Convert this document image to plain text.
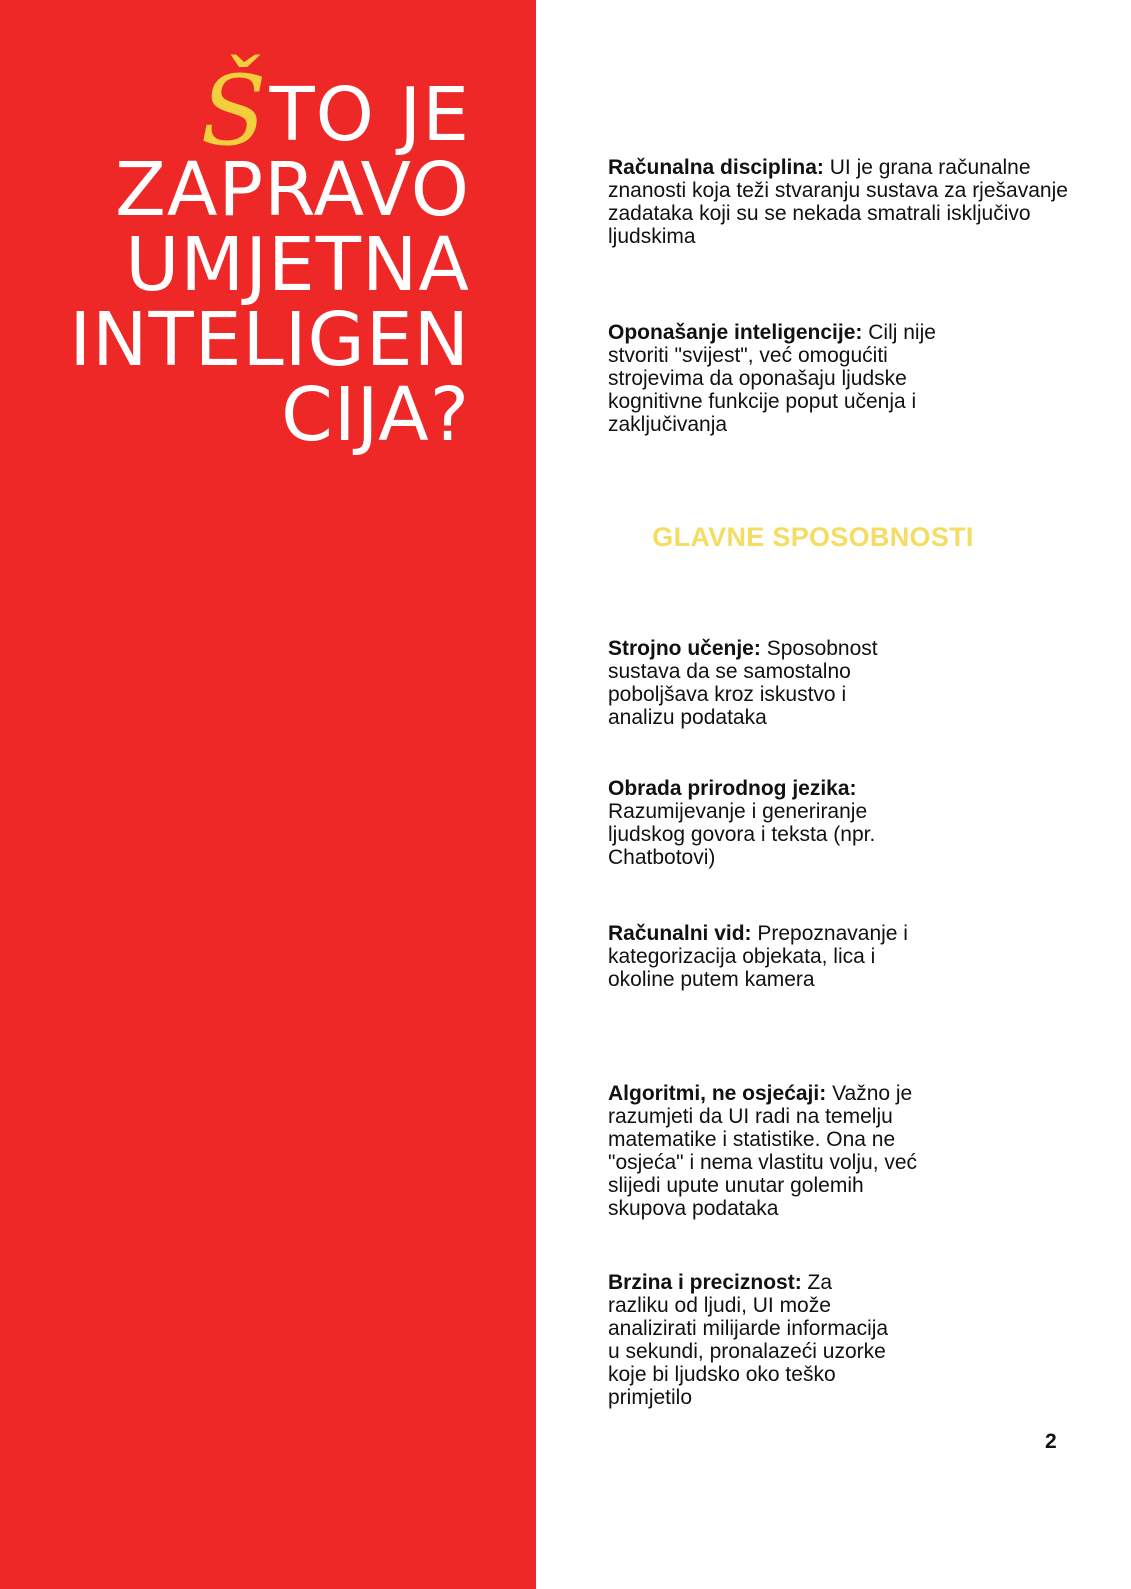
ŠTO JE
ZAPRAVO
UMJETNA
INTELIGEN
CIJA?
Računalna disciplina: UI je grana računalne znanosti koja teži stvaranju sustava za rješavanje zadataka koji su se nekada smatrali isključivo ljudskima
Oponašanje inteligencije: Cilj nije stvoriti "svijest", već omogućiti strojevima da oponašaju ljudske kognitivne funkcije poput učenja i zaključivanja
Strojno učenje: Sposobnost sustava da se samostalno poboljšava kroz iskustvo i analizu podataka
Obrada prirodnog jezika: Razumijevanje i generiranje ljudskog govora i teksta (npr. Chatbotovi)
Računalni vid: Prepoznavanje i kategorizacija objekata, lica i okoline putem kamera
Algoritmi, ne osjećaji: Važno je razumjeti da UI radi na temelju matematike i statistike. Ona ne "osjeća" i nema vlastitu volju, već slijedi upute unutar golemih skupova podataka
Brzina i preciznost: Za razliku od ljudi, UI može analizirati milijarde informacija u sekundi, pronalazeći uzorke koje bi ljudsko oko teško primjetilo
GLAVNE SPOSOBNOSTI
2
